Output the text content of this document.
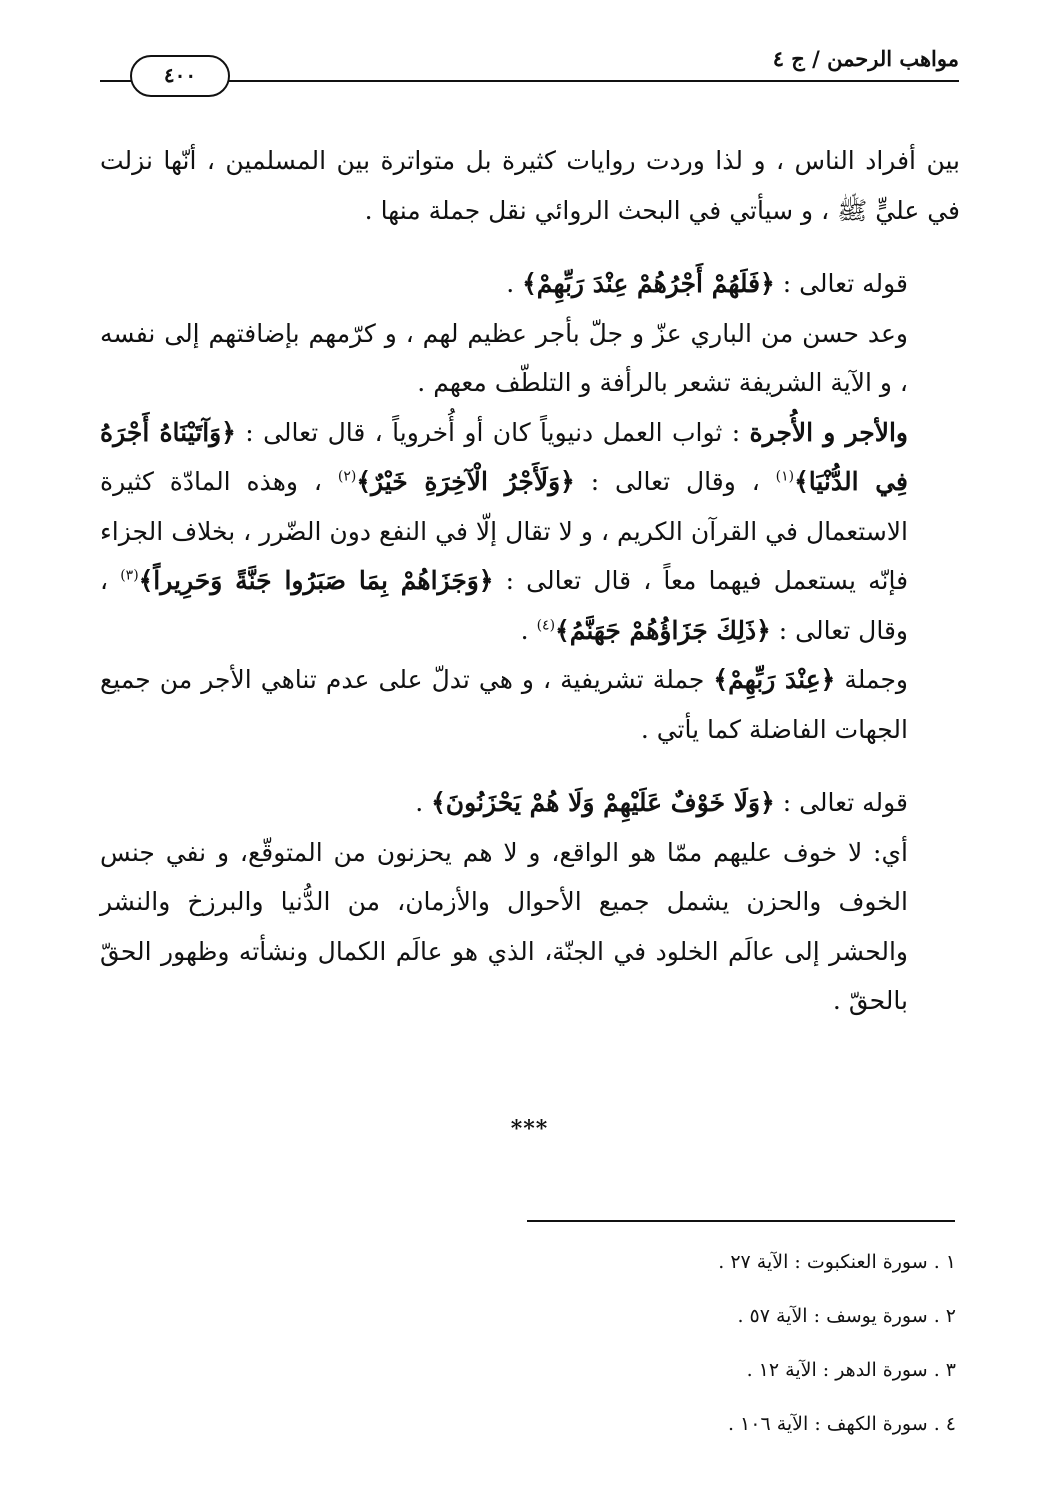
مواهب الرحمن / ج ٤
٤٠٠

بين أفراد الناس ، و لذا وردت روايات كثيرة بل متواترة بين المسلمين ، أنّها نزلت في عليٍّ ﷺ ، و سيأتي في البحث الروائي نقل جملة منها .

قوله تعالى : ﴿فَلَهُمْ أَجْرُهُمْ عِنْدَ رَبِّهِمْ﴾ .

وعد حسن من الباري عزّ و جلّ بأجر عظيم لهم ، و كرّمهم بإضافتهم إلى نفسه ، و الآية الشريفة تشعر بالرأفة و التلطّف معهم .

والأجر و الأُجرة : ثواب العمل دنيوياً كان أو أُخروياً ، قال تعالى : ﴿وَآتَيْنَاهُ أَجْرَهُ فِي الدُّنْيَا﴾$^{(١)}$ ، وقال تعالى : ﴿وَلَأَجْرُ الْآخِرَةِ خَيْرٌ﴾$^{(٢)}$ ، وهذه المادّة كثيرة الاستعمال في القرآن الكريم ، و لا تقال إلّا في النفع دون الضّرر ، بخلاف الجزاء فإنّه يستعمل فيهما معاً ، قال تعالى : ﴿وَجَزَاهُمْ بِمَا صَبَرُوا جَنَّةً وَحَرِيراً﴾$^{(٣)}$ ، وقال تعالى : ﴿ذَلِكَ جَزَاؤُهُمْ جَهَنَّمُ﴾$^{(٤)}$ .

وجملة ﴿عِنْدَ رَبِّهِمْ﴾ جملة تشريفية ، و هي تدلّ على عدم تناهي الأجر من جميع الجهات الفاضلة كما يأتي .

قوله تعالى : ﴿وَلَا خَوْفٌ عَلَيْهِمْ وَلَا هُمْ يَحْزَنُونَ﴾ .

أي: لا خوف عليهم ممّا هو الواقع، و لا هم يحزنون من المتوقّع، و نفي جنس الخوف والحزن يشمل جميع الأحوال والأزمان، من الدُّنيا والبرزخ والنشر والحشر إلى عالَم الخلود في الجنّة، الذي هو عالَم الكمال ونشأته وظهور الحقّ بالحقّ .

***
١ . سورة العنكبوت : الآية ٢٧ .
٢ . سورة يوسف : الآية ٥٧ .
٣ . سورة الدهر : الآية ١٢ .
٤ . سورة الكهف : الآية ١٠٦ .
